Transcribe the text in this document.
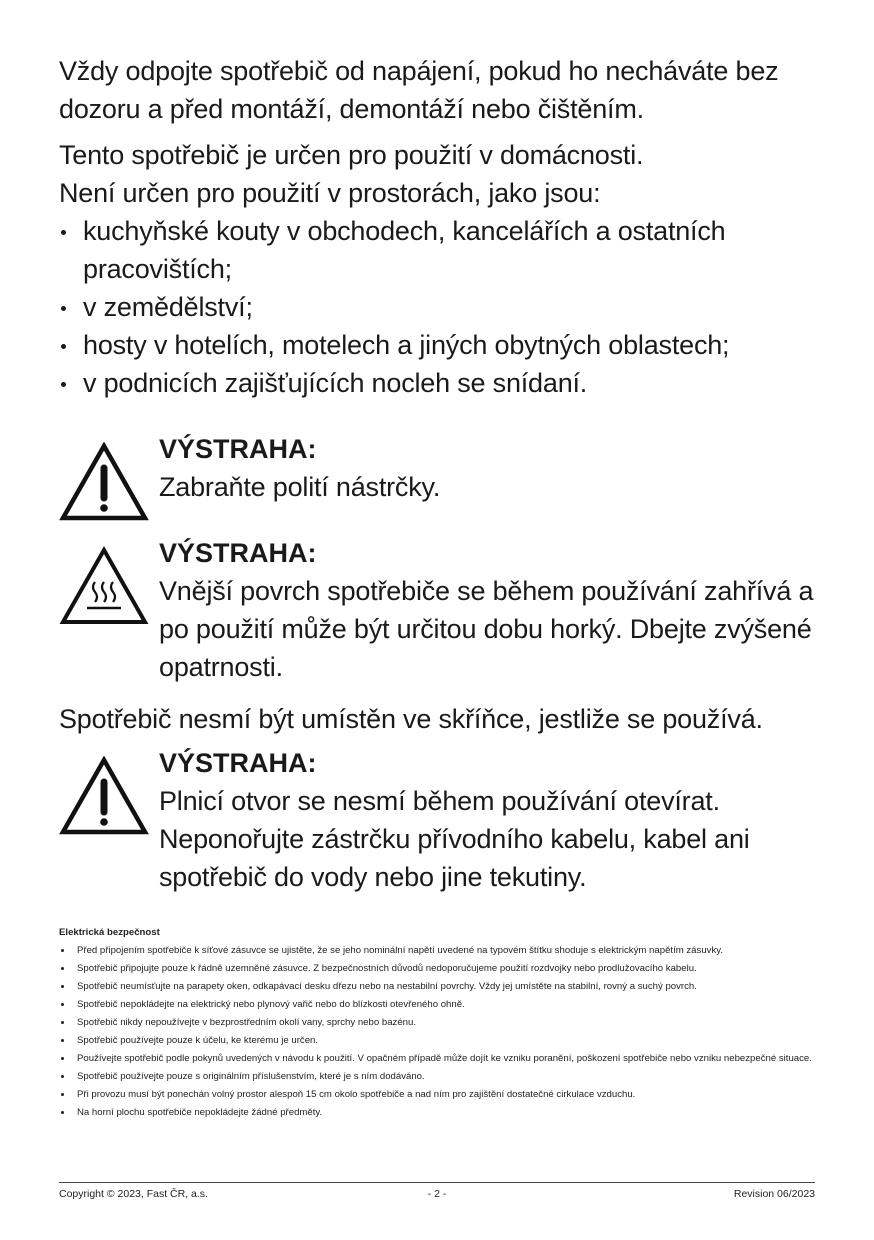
Vždy odpojte spotřebič od napájení, pokud ho necháváte bez dozoru a před montáží, demontáží nebo čištěním.

Tento spotřebič je určen pro použití v domácnosti.

Není určen pro použití v prostorách, jako jsou:

kuchyňské kouty v obchodech, kancelářích a ostatních pracovištích;
v zemědělství;
hosty v hotelích, motelech a jiných obytných oblastech;
v podnicích zajišťujících nocleh se snídaní.
VÝSTRAHA:
Zabraňte polití nástrčky.
VÝSTRAHA:
Vnější povrch spotřebiče se během používání zahřívá a po použití může být určitou dobu horký. Dbejte zvýšené opatrnosti.

Spotřebič nesmí být umístěn ve skříňce, jestliže se používá.

VÝSTRAHA:
Plnicí otvor se nesmí během používání otevírat. Neponořujte zástrčku přívodního kabelu, kabel ani spotřebič do vody nebo jine tekutiny.
Elektrická bezpečnost
Před připojením spotřebiče k síťové zásuvce se ujistěte, že se jeho nominální napětí uvedené na typovém štítku shoduje s elektrickým napětím zásuvky.
Spotřebič připojujte pouze k řádně uzemněné zásuvce. Z bezpečnostních důvodů nedoporučujeme použití rozdvojky nebo prodlužovacího kabelu.
Spotřebič neumísťujte na parapety oken, odkapávací desku dřezu nebo na nestabilní povrchy. Vždy jej umístěte na stabilní, rovný a suchý povrch.
Spotřebič nepokládejte na elektrický nebo plynový vařič nebo do blízkosti otevřeného ohně.
Spotřebič nikdy nepoužívejte v bezprostředním okolí vany, sprchy nebo bazénu.
Spotřebič používejte pouze k účelu, ke kterému je určen.
Používejte spotřebič podle pokynů uvedených v návodu k použití. V opačném případě může dojít ke vzniku poranění, poškození spotřebiče nebo vzniku nebezpečné situace.
Spotřebič používejte pouze s originálním příslušenstvím, které je s ním dodáváno.
Při provozu musí být ponechán volný prostor alespoň 15 cm okolo spotřebiče a nad ním pro zajištění dostatečné cirkulace vzduchu.
Na horní plochu spotřebiče nepokládejte žádné předměty.
Copyright © 2023, Fast ČR, a.s.	- 2 -	Revision 06/2023
